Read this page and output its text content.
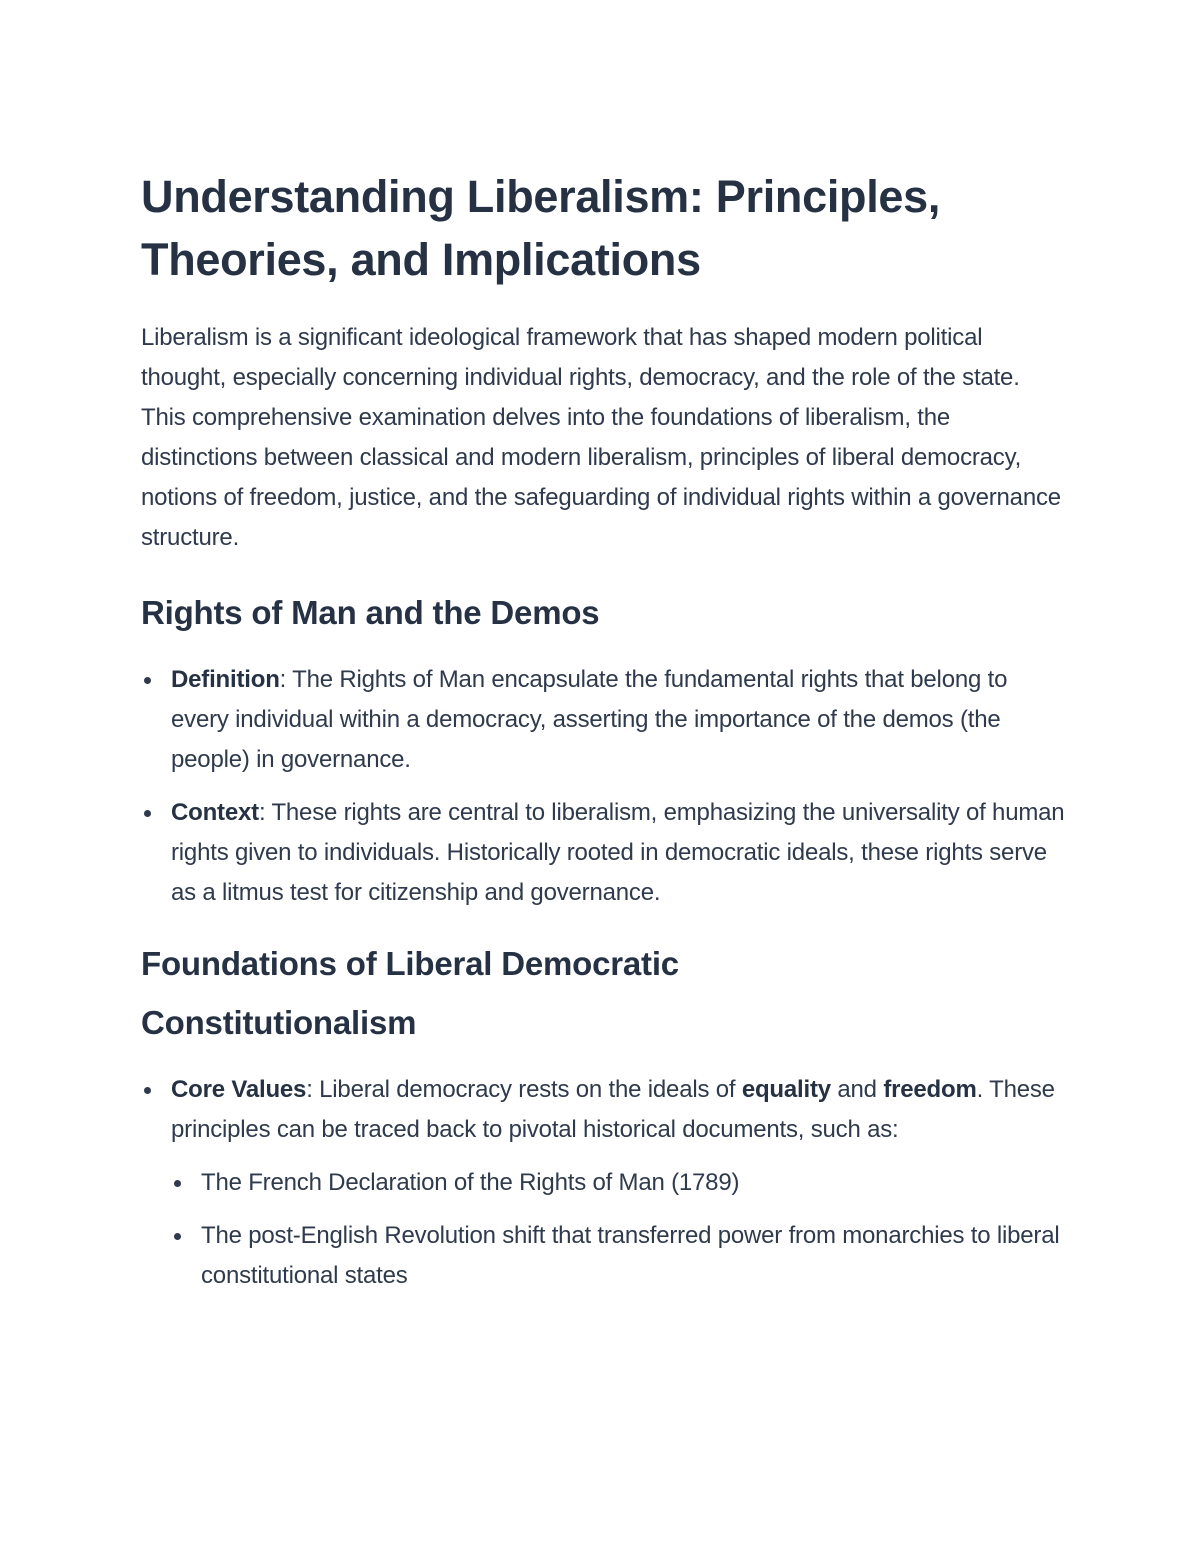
Understanding Liberalism: Principles,
Theories, and Implications

Liberalism is a significant ideological framework that has shaped modern political thought, especially concerning individual rights, democracy, and the role of the state. This comprehensive examination delves into the foundations of liberalism, the distinctions between classical and modern liberalism, principles of liberal democracy, notions of freedom, justice, and the safeguarding of individual rights within a governance structure.

Rights of Man and the Demos
Definition: The Rights of Man encapsulate the fundamental rights that belong to every individual within a democracy, asserting the importance of the demos (the people) in governance.
Context: These rights are central to liberalism, emphasizing the universality of human rights given to individuals. Historically rooted in democratic ideals, these rights serve as a litmus test for citizenship and governance.
Foundations of Liberal Democratic
Constitutionalism
Core Values: Liberal democracy rests on the ideals of equality and freedom. These principles can be traced back to pivotal historical documents, such as:
The French Declaration of the Rights of Man (1789)
The post-English Revolution shift that transferred power from monarchies to liberal constitutional states
